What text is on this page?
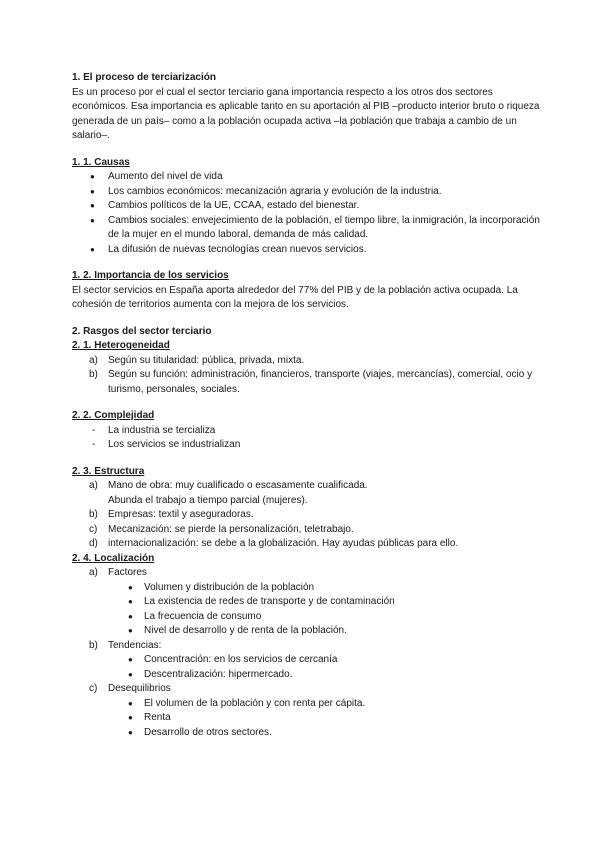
1. El proceso de terciarización

Es un proceso por el cual el sector terciario gana importancia respecto a los otros dos sectores económicos. Esa importancia es aplicable tanto en su aportación al PIB –producto interior bruto o riqueza generada de un país– como a la población ocupada activa –la población que trabaja a cambio de un salario–.

1. 1. Causas

● Aumento del nivel de vida
● Los cambios económicos: mecanización agraria y evolución de la industria.
● Cambios políticos de la UE, CCAA, estado del bienestar.
● Cambios sociales: envejecimiento de la población, el tiempo libre, la inmigración, la incorporación de la mujer en el mundo laboral, demanda de más calidad.
● La difusión de nuevas tecnologías crean nuevos servicios.

1. 2. Importancia de los servicios

El sector servicios en España aporta alrededor del 77% del PIB y de la población activa ocupada. La cohesión de territorios aumenta con la mejora de los servicios.

2. Rasgos del sector terciario

2. 1. Heterogeneidad

a) Según su titularidad: pública, privada, mixta.
b) Según su función: administración, financieros, transporte (viajes, mercancías), comercial, ocio y turismo, personales, sociales.

2. 2. Complejidad

- La industria se tercializa
- Los servicios se industrializan

2. 3. Estructura

a) Mano de obra: muy cualificado o escasamente cualificada.
Abunda el trabajo a tiempo parcial (mujeres).
b) Empresas: textil y aseguradoras.
c) Mecanización: se pierde la personalización, teletrabajo.
d) internacionalización: se debe a la globalización. Hay ayudas públicas para ello.

2. 4. Localización

a) Factores
● Volumen y distribución de la población
● La existencia de redes de transporte y de contaminación
● La frecuencia de consumo
● Nivel de desarrollo y de renta de la población.
b) Tendencias:
● Concentración: en los servicios de cercanía
● Descentralización: hipermercado.
c) Desequilibrios
● El volumen de la población y con renta per cápita.
● Renta
● Desarrollo de otros sectores.
